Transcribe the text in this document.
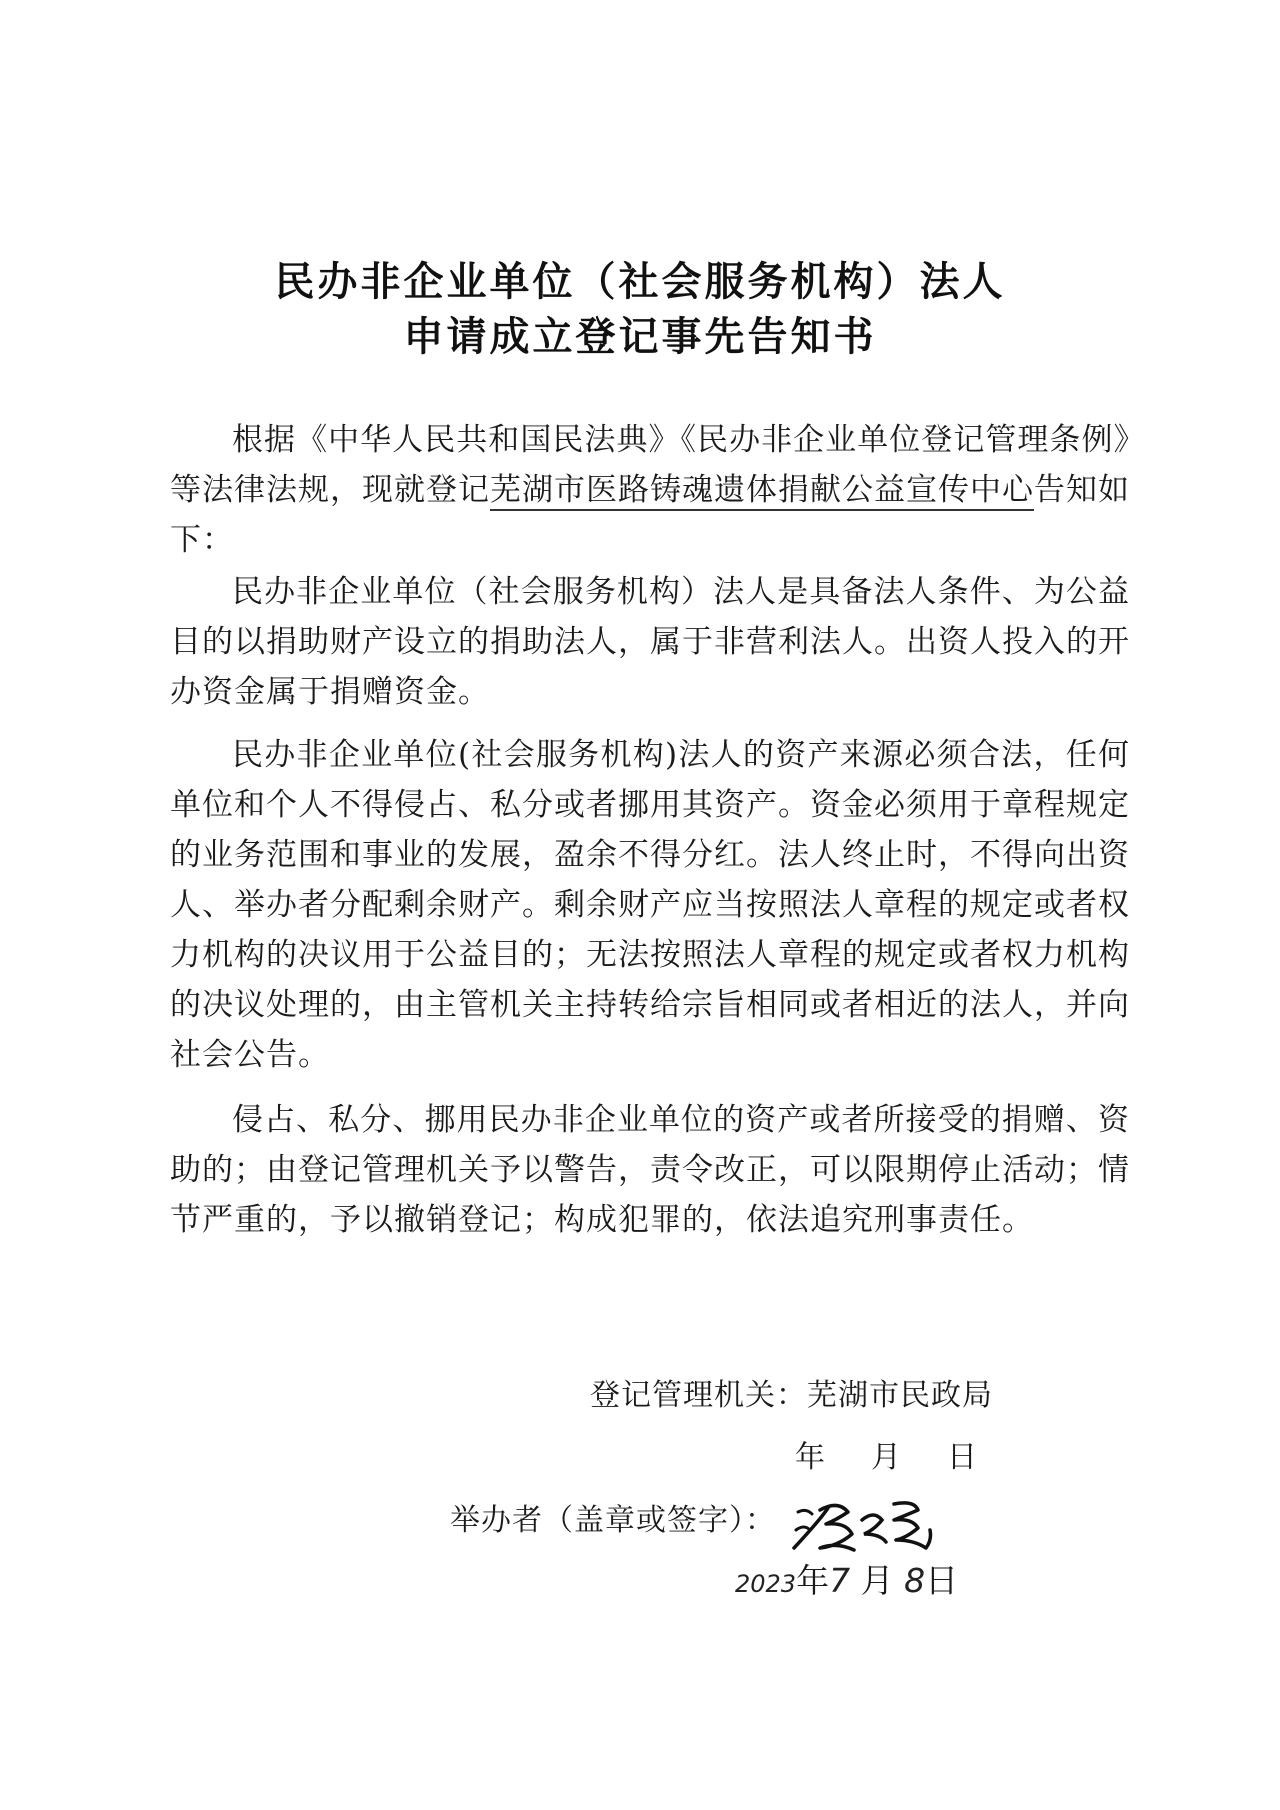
民办非企业单位（社会服务机构）法人
申请成立登记事先告知书

根据《中华人民共和国民法典》《民办非企业单位登记管理条例》等法律法规，现就登记芜湖市医路铸魂遗体捐献公益宣传中心告知如下：

民办非企业单位（社会服务机构）法人是具备法人条件、为公益目的以捐助财产设立的捐助法人，属于非营利法人。出资人投入的开办资金属于捐赠资金。

民办非企业单位(社会服务机构)法人的资产来源必须合法，任何单位和个人不得侵占、私分或者挪用其资产。资金必须用于章程规定的业务范围和事业的发展，盈余不得分红。法人终止时，不得向出资人、举办者分配剩余财产。剩余财产应当按照法人章程的规定或者权力机构的决议用于公益目的；无法按照法人章程的规定或者权力机构的决议处理的，由主管机关主持转给宗旨相同或者相近的法人，并向社会公告。

侵占、私分、挪用民办非企业单位的资产或者所接受的捐赠、资助的；由登记管理机关予以警告，责令改正，可以限期停止活动；情节严重的，予以撤销登记；构成犯罪的，依法追究刑事责任。

登记管理机关：芜湖市民政局
年　月　日
举办者（盖章或签字）：
2023年7 月 8日
